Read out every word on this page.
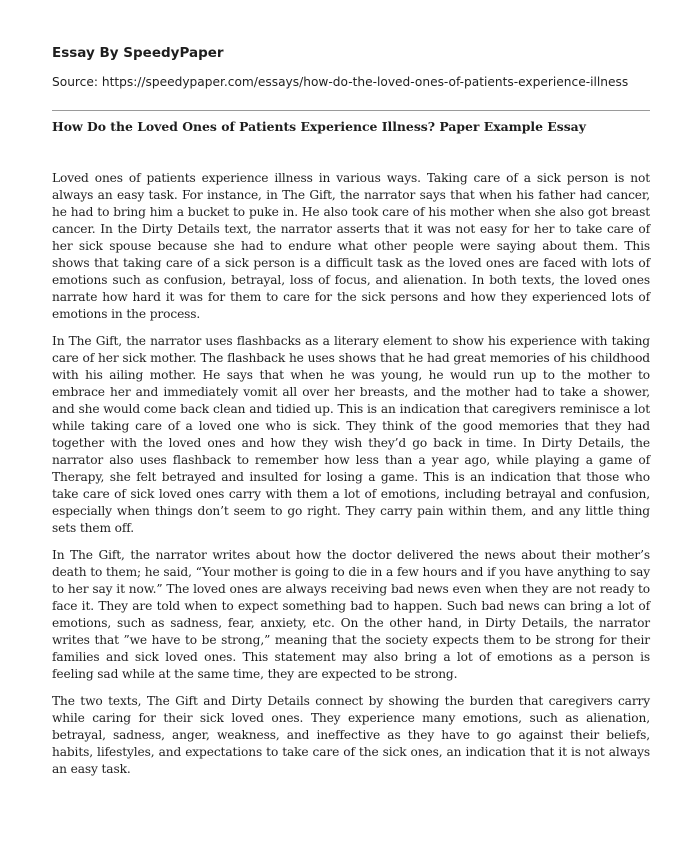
Essay By SpeedyPaper

Source: https://speedypaper.com/essays/how-do-the-loved-ones-of-patients-experience-illness

How Do the Loved Ones of Patients Experience Illness? Paper Example Essay

Loved ones of patients experience illness in various ways. Taking care of a sick person is not always an easy task. For instance, in The Gift, the narrator says that when his father had cancer, he had to bring him a bucket to puke in. He also took care of his mother when she also got breast cancer. In the Dirty Details text, the narrator asserts that it was not easy for her to take care of her sick spouse because she had to endure what other people were saying about them. This shows that taking care of a sick person is a difficult task as the loved ones are faced with lots of emotions such as confusion, betrayal, loss of focus, and alienation. In both texts, the loved ones narrate how hard it was for them to care for the sick persons and how they experienced lots of emotions in the process.

In The Gift, the narrator uses flashbacks as a literary element to show his experience with taking care of her sick mother. The flashback he uses shows that he had great memories of his childhood with his ailing mother. He says that when he was young, he would run up to the mother to embrace her and immediately vomit all over her breasts, and the mother had to take a shower, and she would come back clean and tidied up. This is an indication that caregivers reminisce a lot while taking care of a loved one who is sick. They think of the good memories that they had together with the loved ones and how they wish they’d go back in time. In Dirty Details, the narrator also uses flashback to remember how less than a year ago, while playing a game of Therapy, she felt betrayed and insulted for losing a game. This is an indication that those who take care of sick loved ones carry with them a lot of emotions, including betrayal and confusion, especially when things don’t seem to go right. They carry pain within them, and any little thing sets them off.

In The Gift, the narrator writes about how the doctor delivered the news about their mother’s death to them; he said, “Your mother is going to die in a few hours and if you have anything to say to her say it now.” The loved ones are always receiving bad news even when they are not ready to face it. They are told when to expect something bad to happen. Such bad news can bring a lot of emotions, such as sadness, fear, anxiety, etc. On the other hand, in Dirty Details, the narrator writes that ”we have to be strong,” meaning that the society expects them to be strong for their families and sick loved ones. This statement may also bring a lot of emotions as a person is feeling sad while at the same time, they are expected to be strong.

The two texts, The Gift and Dirty Details connect by showing the burden that caregivers carry while caring for their sick loved ones. They experience many emotions, such as alienation, betrayal, sadness, anger, weakness, and ineffective as they have to go against their beliefs, habits, lifestyles, and expectations to take care of the sick ones, an indication that it is not always an easy task.
